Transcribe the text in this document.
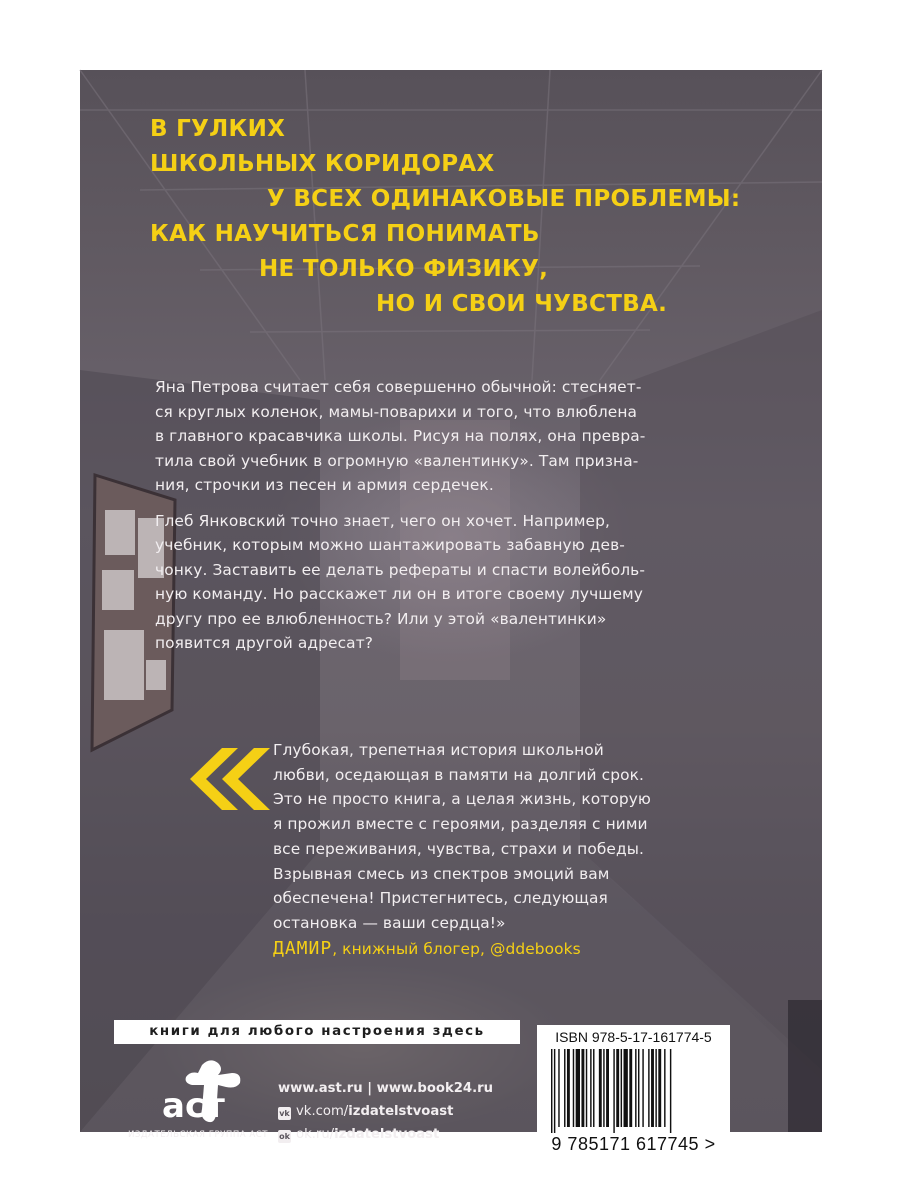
В ГУЛКИХ
ШКОЛЬНЫХ КОРИДОРАХ
У ВСЕХ ОДИНАКОВЫЕ ПРОБЛЕМЫ:
КАК НАУЧИТЬСЯ ПОНИМАТЬ
НЕ ТОЛЬКО ФИЗИКУ,
НО И СВОИ ЧУВСТВА.

Яна Петрова считает себя совершенно обычной: стесняет-
ся круглых коленок, мамы-поварихи и того, что влюблена
в главного красавчика школы. Рисуя на полях, она превра-
тила свой учебник в огромную «валентинку». Там призна-
ния, строчки из песен и армия сердечек.

Глеб Янковский точно знает, чего он хочет. Например,
учебник, которым можно шантажировать забавную дев-
чонку. Заставить ее делать рефераты и спасти волейболь-
ную команду. Но расскажет ли он в итоге своему лучшему
другу про ее влюбленность? Или у этой «валентинки»
появится другой адресат?

Глубокая, трепетная история школьной
любви, оседающая в памяти на долгий срок.
Это не просто книга, а целая жизнь, которую
я прожил вместе с героями, разделяя с ними
все переживания, чувства, страхи и победы.
Взрывная смесь из спектров эмоций вам
обеспечена! Пристегнитесь, следующая
остановка — ваши сердца!»
ДАМИР, книжный блогер, @ddebooks
книги для любого настроения здесь
аст
ИЗДАТЕЛЬСКАЯ ГРУППА АСТ
www.ast.ru | www.book24.ru
vk vk.com/izdatelstvoast
ok ok.ru/izdatelstvoast
ISBN 978-5-17-161774-5
9 785171 617745 >
